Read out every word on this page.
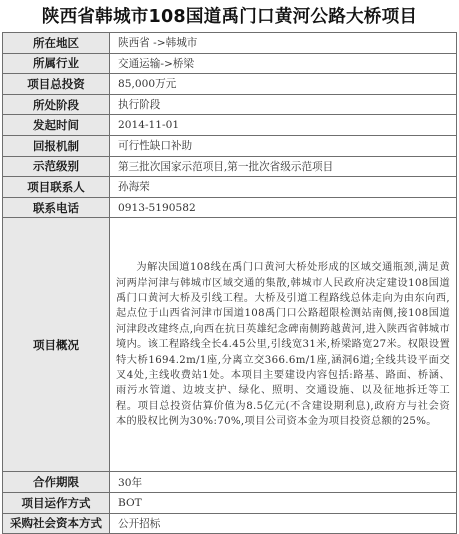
陕西省韩城市108国道禹门口黄河公路大桥项目
所在地区	陕西省 ->韩城市
所属行业	交通运输->桥梁
项目总投资	85,000万元
所处阶段	执行阶段
发起时间	2014-11-01
回报机制	可行性缺口补助
示范级别	第三批次国家示范项目,第一批次省级示范项目
项目联系人	孙海荣
联系电话	0913-5190582
项目概况	为解决国道108线在禹门口黄河大桥处形成的区域交通瓶颈,满足黄河两岸河津与韩城市区域交通的集散,韩城市人民政府决定建设108国道禹门口黄河大桥及引线工程。大桥及引道工程路线总体走向为由东向西,起点位于山西省河津市国道108禹门口公路超限检测站南侧,接108国道河津段改建终点,向西在抗日英雄纪念碑南侧跨越黄河,进入陕西省韩城市境内。该工程路线全长4.45公里,引线宽31米,桥梁路宽27米。权限设置特大桥1694.2m/1座,分离立交366.6m/1座,涵洞6道;全线共设平面交叉4处,主线收费站1处。本项目主要建设内容包括:路基、路面、桥涵、雨污水管道、边坡支护、绿化、照明、交通设施、以及征地拆迁等工程。项目总投资估算价值为8.5亿元(不含建设期利息),政府方与社会资本的股权比例为30%:70%,项目公司资本金为项目投资总额的25%。
合作期限	30年
项目运作方式	BOT
采购社会资本方式	公开招标
